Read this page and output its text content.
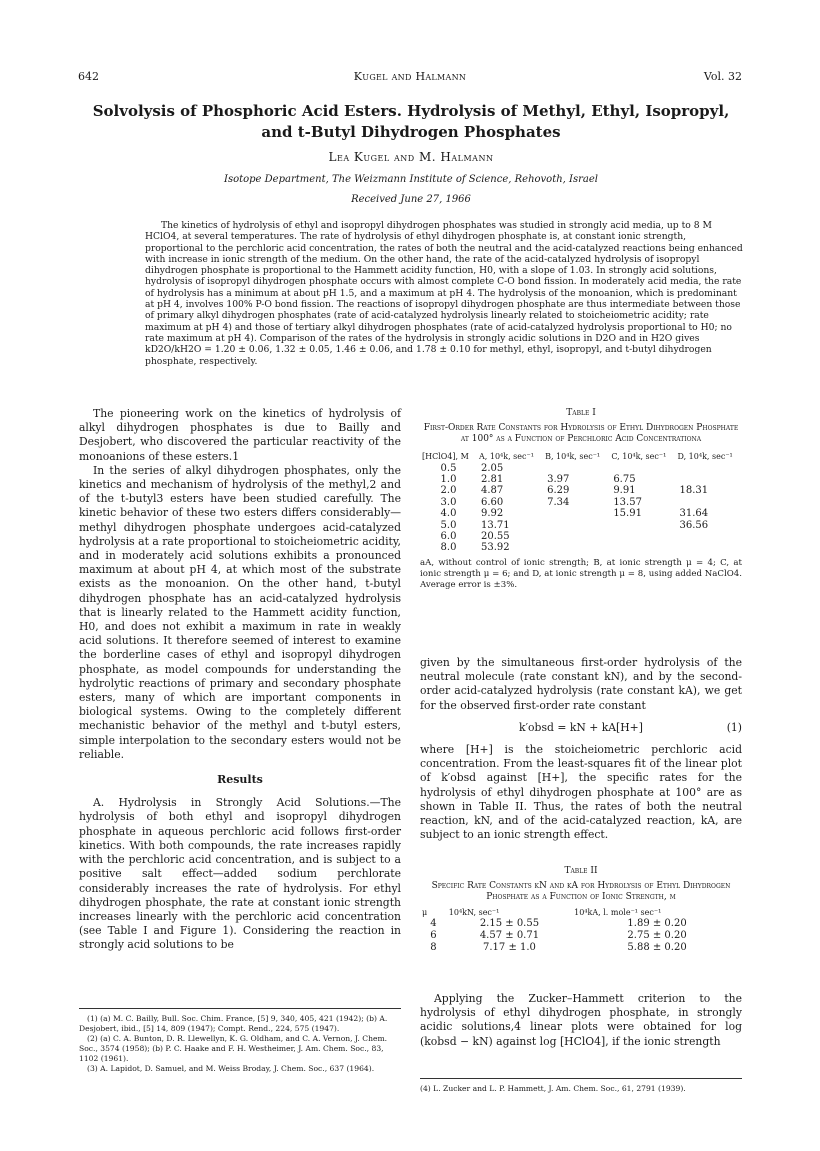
642	Kugel and Halmann	Vol. 32
Solvolysis of Phosphoric Acid Esters. Hydrolysis of Methyl, Ethyl, Isopropyl, and t-Butyl Dihydrogen Phosphates
Lea Kugel and M. Halmann
Isotope Department, The Weizmann Institute of Science, Rehovoth, Israel
Received June 27, 1966

The kinetics of hydrolysis of ethyl and isopropyl dihydrogen phosphates was studied in strongly acid media, up to 8 M HClO4, at several temperatures. The rate of hydrolysis of ethyl dihydrogen phosphate is, at constant ionic strength, proportional to the perchloric acid concentration, the rates of both the neutral and the acid-catalyzed reactions being enhanced with increase in ionic strength of the medium. On the other hand, the rate of the acid-catalyzed hydrolysis of isopropyl dihydrogen phosphate is proportional to the Hammett acidity function, H0, with a slope of 1.03. In strongly acid solutions, hydrolysis of isopropyl dihydrogen phosphate occurs with almost complete C-O bond fission. In moderately acid media, the rate of hydrolysis has a minimum at about pH 1.5, and a maximum at pH 4. The hydrolysis of the monoanion, which is predominant at pH 4, involves 100% P-O bond fission. The reactions of isopropyl dihydrogen phosphate are thus intermediate between those of primary alkyl dihydrogen phosphates (rate of acid-catalyzed hydrolysis linearly related to stoicheiometric acidity; rate maximum at pH 4) and those of tertiary alkyl dihydrogen phosphates (rate of acid-catalyzed hydrolysis proportional to H0; no rate maximum at pH 4). Comparison of the rates of the hydrolysis in strongly acidic solutions in D2O and in H2O gives kD2O/kH2O = 1.20 ± 0.06, 1.32 ± 0.05, 1.46 ± 0.06, and 1.78 ± 0.10 for methyl, ethyl, isopropyl, and t-butyl dihydrogen phosphate, respectively.

The pioneering work on the kinetics of hydrolysis of alkyl dihydrogen phosphates is due to Bailly and Desjobert, who discovered the particular reactivity of the monoanions of these esters.1

In the series of alkyl dihydrogen phosphates, only the kinetics and mechanism of hydrolysis of the methyl,2 and of the t-butyl3 esters have been studied carefully. The kinetic behavior of these two esters differs considerably—methyl dihydrogen phosphate undergoes acid-catalyzed hydrolysis at a rate proportional to stoicheiometric acidity, and in moderately acid solutions exhibits a pronounced maximum at about pH 4, at which most of the substrate exists as the monoanion. On the other hand, t-butyl dihydrogen phosphate has an acid-catalyzed hydrolysis that is linearly related to the Hammett acidity function, H0, and does not exhibit a maximum in rate in weakly acid solutions. It therefore seemed of interest to examine the borderline cases of ethyl and isopropyl dihydrogen phosphate, as model compounds for understanding the hydrolytic reactions of primary and secondary phosphate esters, many of which are important components in biological systems. Owing to the completely different mechanistic behavior of the methyl and t-butyl esters, simple interpolation to the secondary esters would not be reliable.

Results

A. Hydrolysis in Strongly Acid Solutions.—The hydrolysis of both ethyl and isopropyl dihydrogen phosphate in aqueous perchloric acid follows first-order kinetics. With both compounds, the rate increases rapidly with the perchloric acid concentration, and is subject to a positive salt effect—added sodium perchlorate considerably increases the rate of hydrolysis. For ethyl dihydrogen phosphate, the rate at constant ionic strength increases linearly with the perchloric acid concentration (see Table I and Figure 1). Considering the reaction in strongly acid solutions to be

(1) (a) M. C. Bailly, Bull. Soc. Chim. France, [5] 9, 340, 405, 421 (1942); (b) A. Desjobert, ibid., [5] 14, 809 (1947); Compt. Rend., 224, 575 (1947).

(2) (a) C. A. Bunton, D. R. Llewellyn, K. G. Oldham, and C. A. Vernon, J. Chem. Soc., 3574 (1958); (b) P. C. Haake and F. H. Westheimer, J. Am. Chem. Soc., 83, 1102 (1961).

(3) A. Lapidot, D. Samuel, and M. Weiss Broday, J. Chem. Soc., 637 (1964).

Table I
First-Order Rate Constants for Hydrolysis of Ethyl Dihydrogen Phosphate at 100° as a Function of Perchloric Acid Concentrationa
[HClO4], M	A, 10⁴k, sec⁻¹	B, 10⁴k, sec⁻¹	C, 10⁴k, sec⁻¹	D, 10⁴k, sec⁻¹
0.5	2.05			
1.0	2.81	3.97	6.75	
2.0	4.87	6.29	9.91	18.31
3.0	6.60	7.34	13.57	
4.0	9.92		15.91	31.64
5.0	13.71			36.56
6.0	20.55			
8.0	53.92			
aA, without control of ionic strength; B, at ionic strength μ = 4; C, at ionic strength μ = 6; and D, at ionic strength μ = 8, using added NaClO4. Average error is ±3%.

given by the simultaneous first-order hydrolysis of the neutral molecule (rate constant kN), and by the second-order acid-catalyzed hydrolysis (rate constant kA), we get for the observed first-order rate constant

k′obsd = kN + kA[H+]	(1)

where [H+] is the stoicheiometric perchloric acid concentration. From the least-squares fit of the linear plot of k′obsd against [H+], the specific rates for the hydrolysis of ethyl dihydrogen phosphate at 100° are as shown in Table II. Thus, the rates of both the neutral reaction, kN, and of the acid-catalyzed reaction, kA, are subject to an ionic strength effect.

Table II
Specific Rate Constants kN and kA for Hydrolysis of Ethyl Dihydrogen Phosphate as a Function of Ionic Strength, μ
μ	10⁴kN, sec⁻¹	10⁴kA, l. mole⁻¹ sec⁻¹
4	2.15 ± 0.55	1.89 ± 0.20
6	4.57 ± 0.71	2.75 ± 0.20
8	7.17 ± 1.0	5.88 ± 0.20

Applying the Zucker–Hammett criterion to the hydrolysis of ethyl dihydrogen phosphate, in strongly acidic solutions,4 linear plots were obtained for log (kobsd − kN) against log [HClO4], if the ionic strength

(4) L. Zucker and L. P. Hammett, J. Am. Chem. Soc., 61, 2791 (1939).
